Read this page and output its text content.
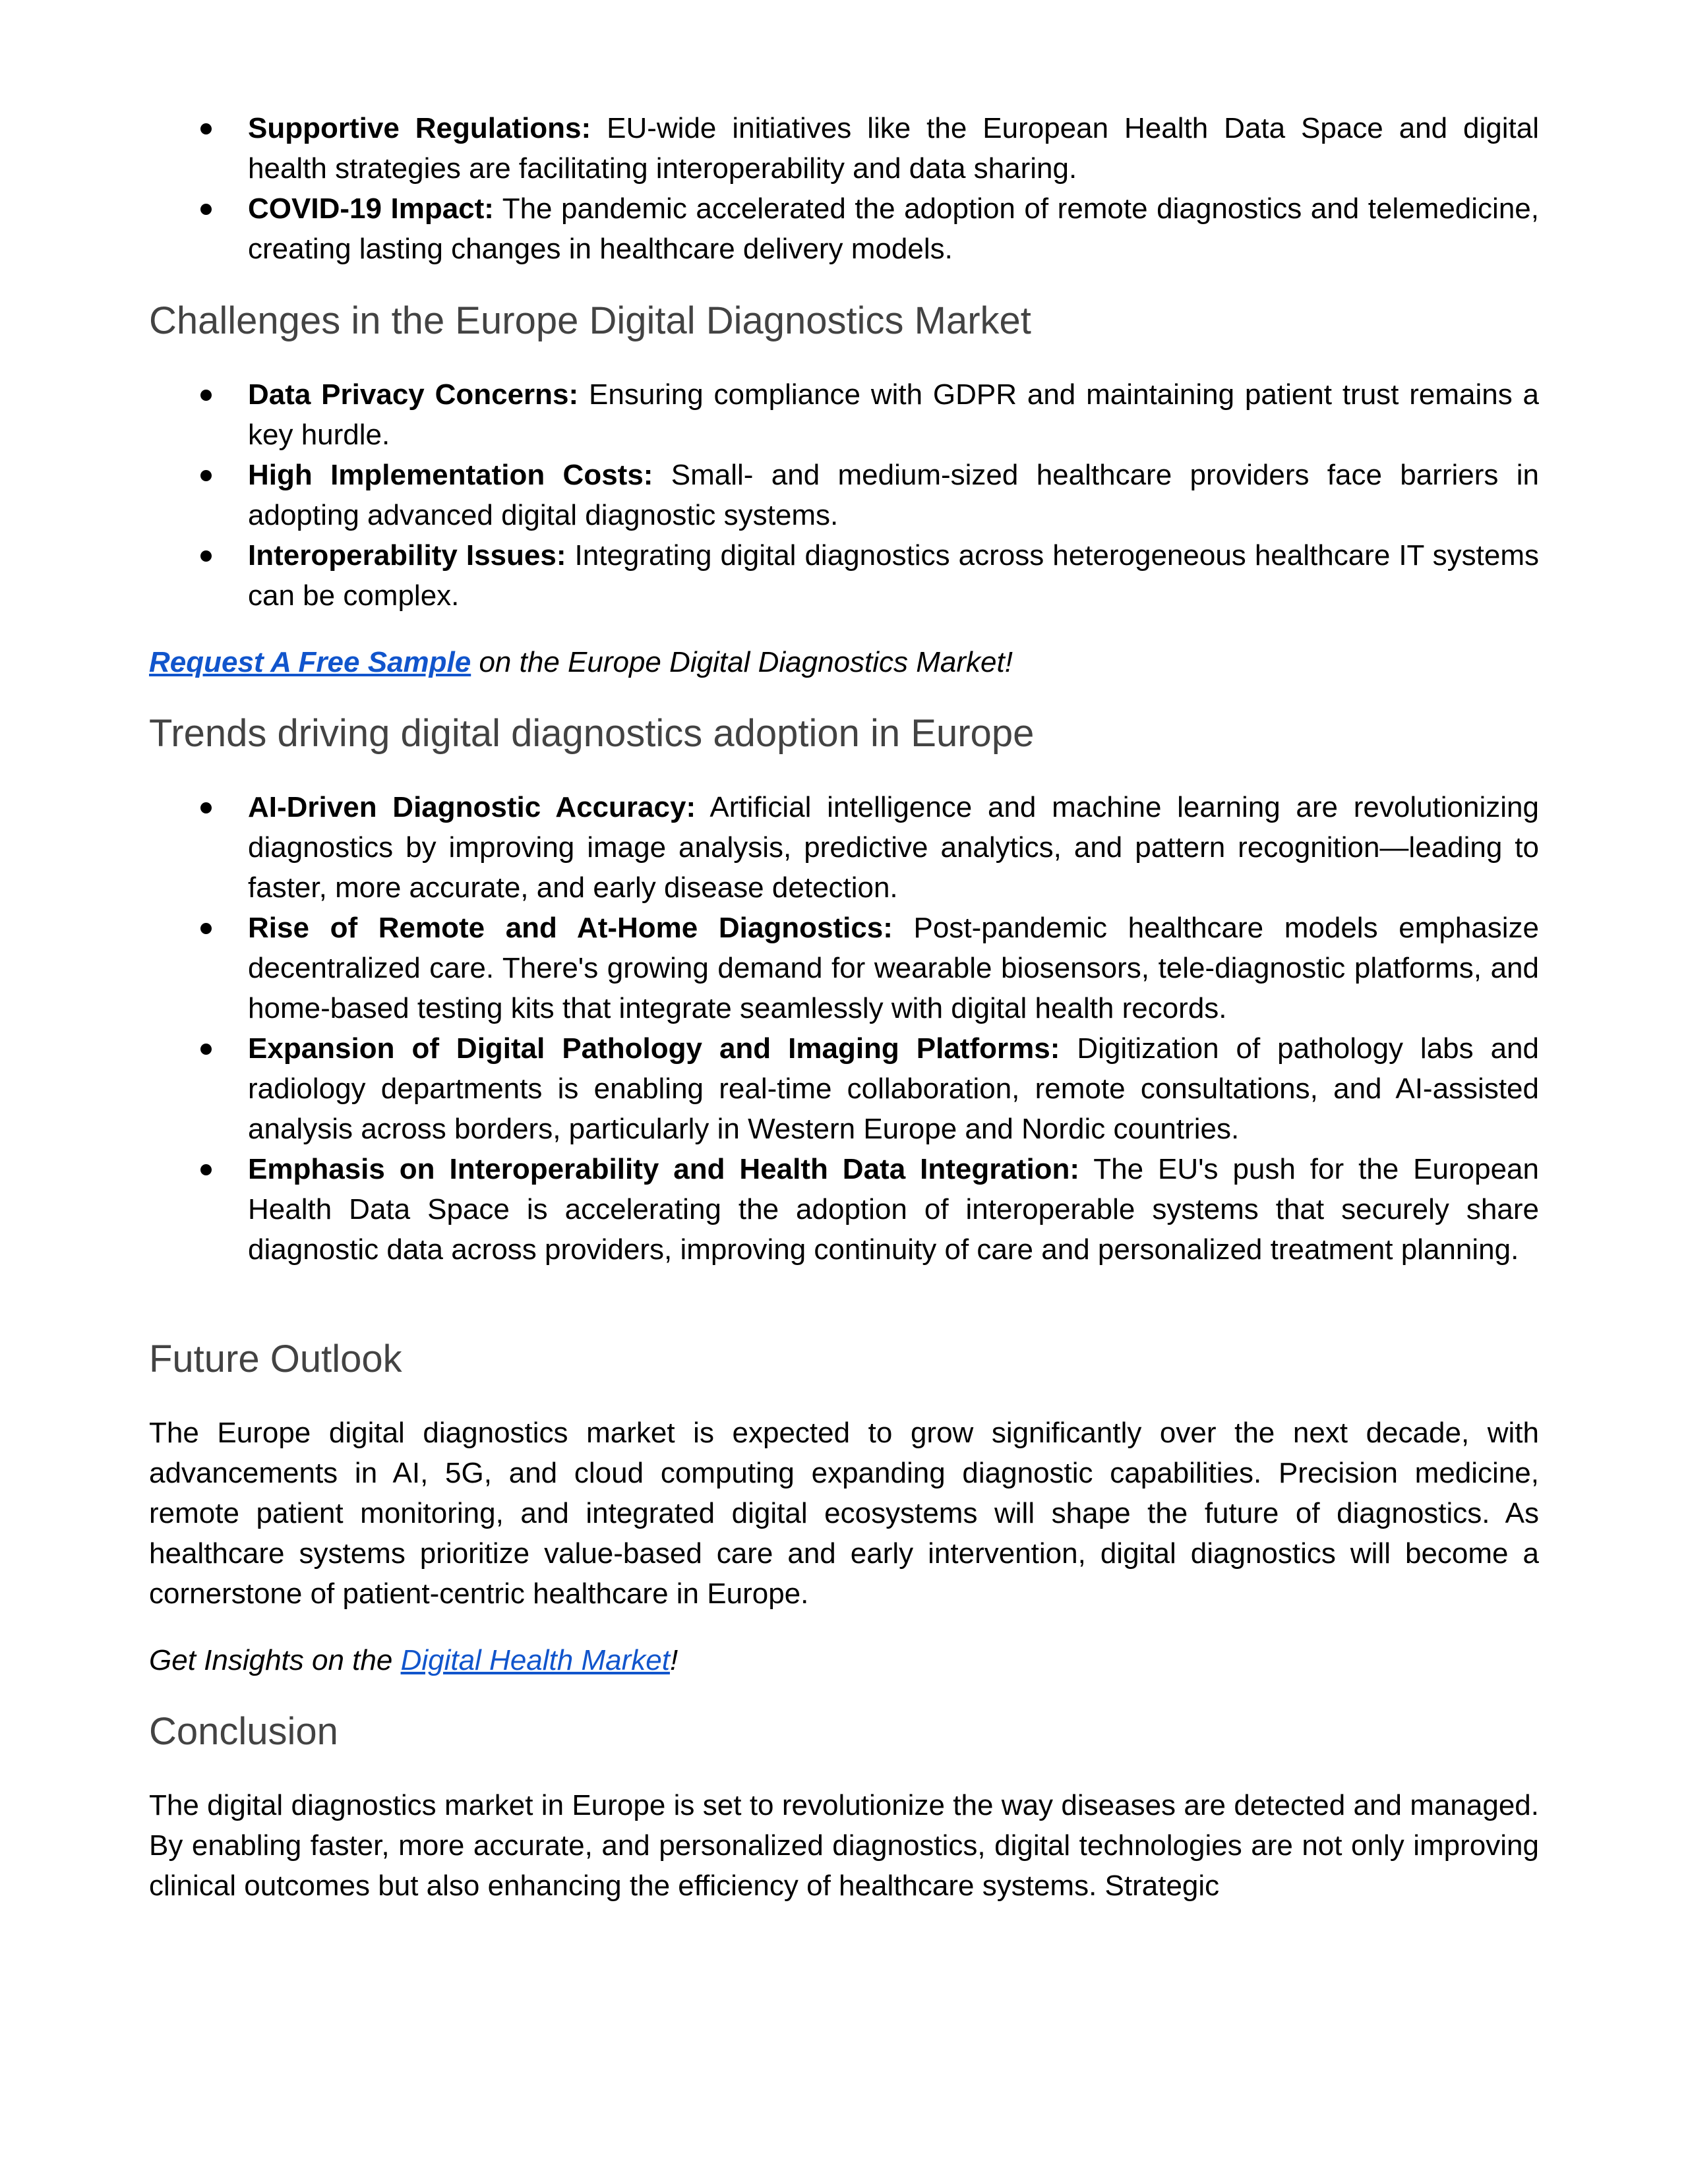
Supportive Regulations: EU-wide initiatives like the European Health Data Space and digital health strategies are facilitating interoperability and data sharing.
COVID-19 Impact: The pandemic accelerated the adoption of remote diagnostics and telemedicine, creating lasting changes in healthcare delivery models.
Challenges in the Europe Digital Diagnostics Market
Data Privacy Concerns: Ensuring compliance with GDPR and maintaining patient trust remains a key hurdle.
High Implementation Costs: Small- and medium-sized healthcare providers face barriers in adopting advanced digital diagnostic systems.
Interoperability Issues: Integrating digital diagnostics across heterogeneous healthcare IT systems can be complex.

Request A Free Sample on the Europe Digital Diagnostics Market!

Trends driving digital diagnostics adoption in Europe
AI-Driven Diagnostic Accuracy: Artificial intelligence and machine learning are revolutionizing diagnostics by improving image analysis, predictive analytics, and pattern recognition—leading to faster, more accurate, and early disease detection.
Rise of Remote and At-Home Diagnostics: Post-pandemic healthcare models emphasize decentralized care. There's growing demand for wearable biosensors, tele-diagnostic platforms, and home-based testing kits that integrate seamlessly with digital health records.
Expansion of Digital Pathology and Imaging Platforms: Digitization of pathology labs and radiology departments is enabling real-time collaboration, remote consultations, and AI-assisted analysis across borders, particularly in Western Europe and Nordic countries.
Emphasis on Interoperability and Health Data Integration: The EU's push for the European Health Data Space is accelerating the adoption of interoperable systems that securely share diagnostic data across providers, improving continuity of care and personalized treatment planning.
Future Outlook

The Europe digital diagnostics market is expected to grow significantly over the next decade, with advancements in AI, 5G, and cloud computing expanding diagnostic capabilities. Precision medicine, remote patient monitoring, and integrated digital ecosystems will shape the future of diagnostics. As healthcare systems prioritize value-based care and early intervention, digital diagnostics will become a cornerstone of patient-centric healthcare in Europe.

Get Insights on the Digital Health Market!

Conclusion

The digital diagnostics market in Europe is set to revolutionize the way diseases are detected and managed. By enabling faster, more accurate, and personalized diagnostics, digital technologies are not only improving clinical outcomes but also enhancing the efficiency of healthcare systems. Strategic
